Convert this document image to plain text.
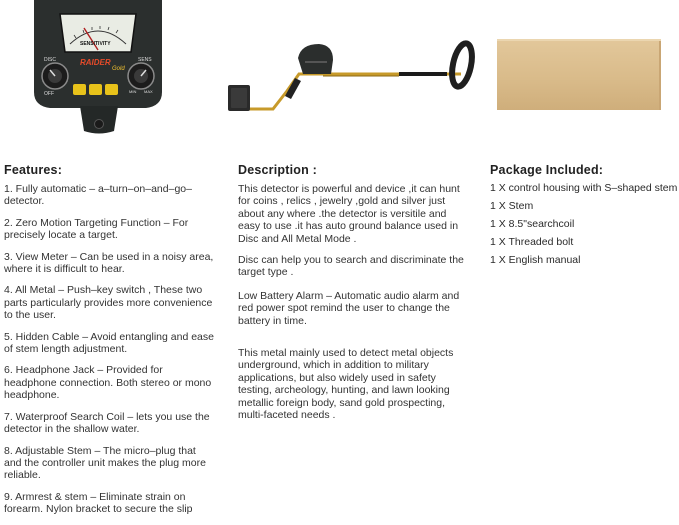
SENSITIVITY
RAIDER
Gold
DISC	SENS
OFF	MIN MAX
Features:

1. Fully automatic – a–turn–on–and–go–detector.

2. Zero Motion Targeting Function – For precisely locate a target.

3. View Meter – Can be used in a noisy area, where it is difficult to hear.

4. All Metal – Push–key switch , These two parts particularly provides more convenience to the user.

5. Hidden Cable – Avoid entangling and ease of stem length adjustment.

6. Headphone Jack – Provided for headphone connection. Both stereo or mono headphone.

7. Waterproof Search Coil – lets you use the detector in the shallow water.

8. Adjustable Stem – The micro–plug that and the controller unit makes the plug more reliable.

9. Armrest & stem – Eliminate strain on forearm. Nylon bracket to secure the slip

Description :

This detector is powerful and device ,it can hunt for coins , relics , jewelry ,gold and silver just about any where .the detector is versitile and easy to use .it has auto ground balance used in Disc and All Metal Mode .

Disc can help you to search and discriminate the target type .

Low Battery Alarm – Automatic audio alarm and red power spot remind the user to change the battery in time.

This metal mainly used to detect metal objects underground, which in addition to military applications, but also widely used in safety testing, archeology, hunting, and lawn looking metallic foreign body, sand gold prospecting, multi-faceted needs .

Package Included:

1 X control housing with S–shaped stem

1 X Stem

1 X 8.5"searchcoil

1 X Threaded bolt

1 X English manual
